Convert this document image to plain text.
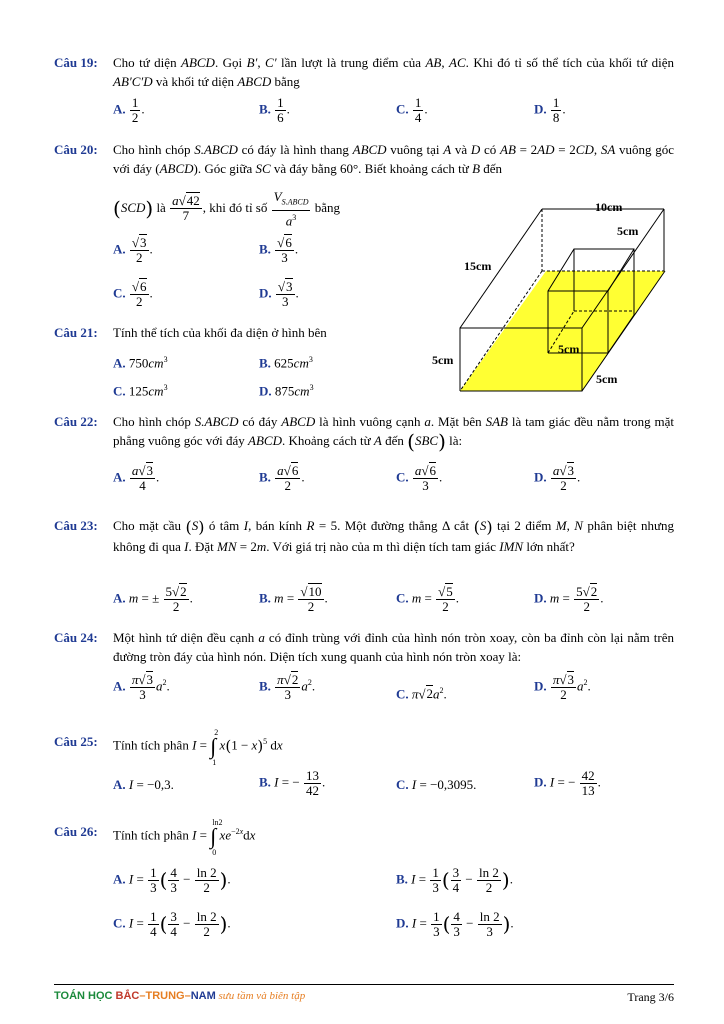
Câu 19: Cho tứ diện ABCD. Gọi B′, C′ lần lượt là trung điểm của AB, AC. Khi đó tỉ số thể tích của khối tứ diện AB′C′D và khối tứ diện ABCD bằng
A. $\frac{1}{2}$ .	B. $\frac{1}{6}$ .	C. $\frac{1}{4}$ .	D. $\frac{1}{8}$ .
Câu 20: Cho hình chóp S.ABCD có đáy là hình thang ABCD vuông tại A và D có AB = 2AD = 2CD, SA vuông góc với đáy (ABCD). Góc giữa SC và đáy bằng 60°. Biết khoảng cách từ B đến
(SCD) là $\frac{a√42}{7}$ , khi đó tỉ số $\frac{V_{S.ABCD}}{a^3}$ bằng
A. $\frac{√3}{2}$ .	B. $\frac{√6}{3}$ .
C. $\frac{√6}{2}$ .	D. $\frac{√3}{3}$ .
Câu 21: Tính thể tích của khối đa diện ở hình bên
A. $750cm^3$	B. $625cm^3$
C. $125cm^3$	D. $875cm^3$
10cm
5cm
15cm
5cm
5cm
5cm
Câu 22: Cho hình chóp S.ABCD có đáy ABCD là hình vuông cạnh a. Mặt bên SAB là tam giác đều nằm trong mặt phẳng vuông góc với đáy ABCD. Khoảng cách từ A đến (SBC) là:
A. $\frac{a√3}{4}$ .	B. $\frac{a√6}{2}$ .	C. $\frac{a√6}{3}$ .	D. $\frac{a√3}{2}$ .
Câu 23: Cho mặt cầu (S) ó tâm I, bán kính R = 5. Một đường thẳng Δ cắt (S) tại 2 điểm M, N phân biệt nhưng không đi qua I. Đặt MN = 2m. Với giá trị nào của m thì diện tích tam giác IMN lớn nhất?
A. m = ± $\frac{5√2}{2}$ .	B. $m = \frac{√10}{2}$ .	C. $m = \frac{√5}{2}$ .	D. $m = \frac{5√2}{2}$ .
Câu 24: Một hình tứ diện đều cạnh a có đỉnh trùng với đỉnh của hình nón tròn xoay, còn ba đỉnh còn lại nằm trên đường tròn đáy của hình nón. Diện tích xung quanh của hình nón tròn xoay là:
A. $\frac{\pi√3}{3} a^2$.	B. $\frac{\pi√2}{3} a^2$.
C. $\pi√2a^2$.
D. $\frac{\pi√3}{2} a^2$.
Câu 25: Tính tích phân I =
2
∫
1
$x(1 - x)^5$ dx
A. I = −0,3.	B. I = − $\frac{13}{42}$ .	C. I = −0,3095.	D. I = − $\frac{42}{13}$ .
Câu 26: Tính tích phân I =
ln2
∫
0
$xe^{-2x}dx$
A. $I = \frac{1}{3}$ ( $\frac{4}{3} - \frac{\ln 2}{2}$ ).	B. $I = \frac{1}{3}$ ( $\frac{3}{4} - \frac{\ln 2}{2}$ ).
C. $I = \frac{1}{4}$ ( $\frac{3}{4} - \frac{\ln 2}{2}$ ).	D. $I = \frac{1}{3}$ ( $\frac{4}{3} - \frac{\ln 2}{3}$ ).
TOÁN HỌC BẮC–TRUNG–NAM sưu tầm và biên tập	Trang 3/6
